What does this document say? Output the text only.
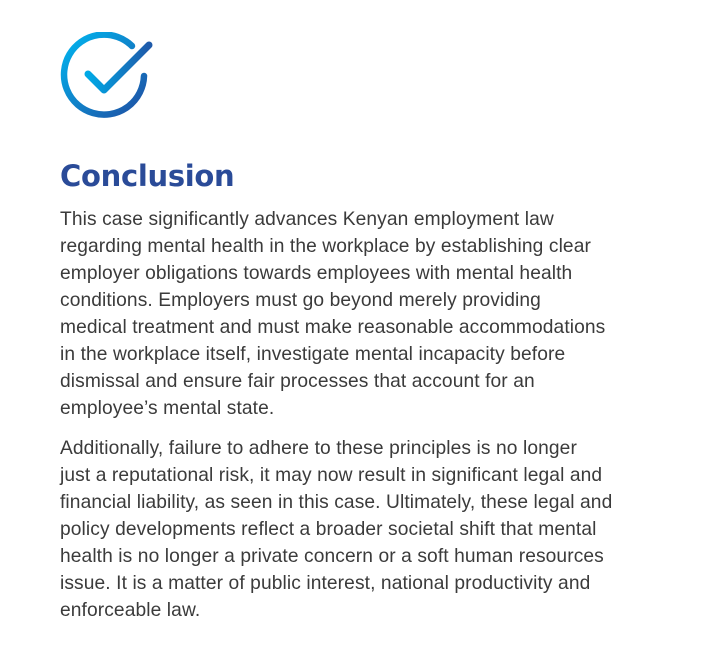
Conclusion

This case significantly advances Kenyan employment law
regarding mental health in the workplace by establishing clear
employer obligations towards employees with mental health
conditions. Employers must go beyond merely providing
medical treatment and must make reasonable accommodations
in the workplace itself, investigate mental incapacity before
dismissal and ensure fair processes that account for an
employee’s mental state.

Additionally, failure to adhere to these principles is no longer
just a reputational risk, it may now result in significant legal and
financial liability, as seen in this case. Ultimately, these legal and
policy developments reflect a broader societal shift that mental
health is no longer a private concern or a soft human resources
issue. It is a matter of public interest, national productivity and
enforceable law.
